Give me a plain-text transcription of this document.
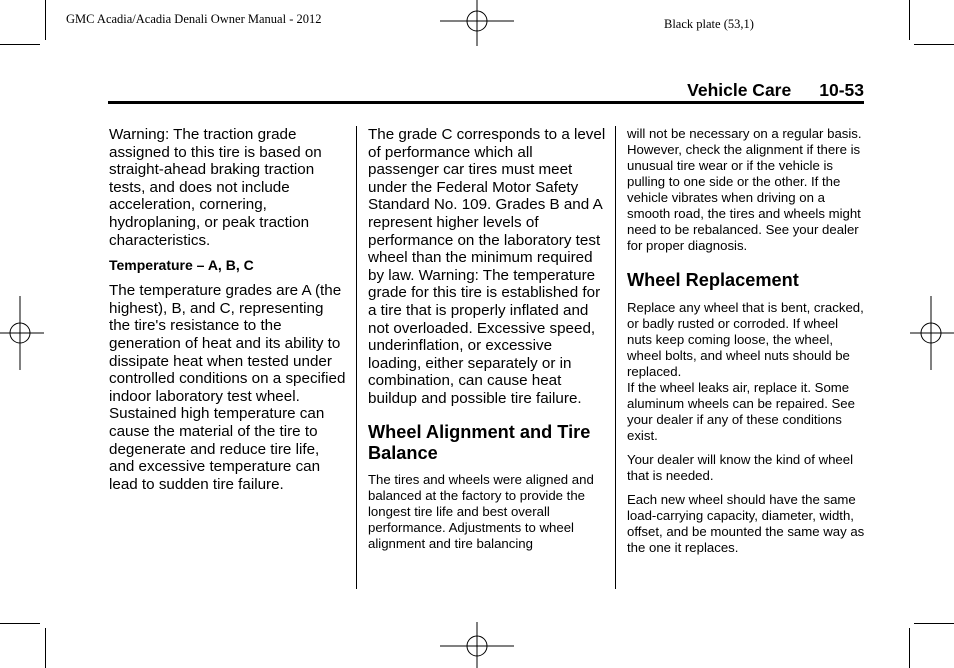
GMC Acadia/Acadia Denali Owner Manual - 2012	Black plate (53,1)
Vehicle Care 10-53

Warning: The traction grade assigned to this tire is based on straight-ahead braking traction tests, and does not include acceleration, cornering, hydroplaning, or peak traction characteristics.

Temperature – A, B, C

The temperature grades are A (the highest), B, and C, representing the tire's resistance to the generation of heat and its ability to dissipate heat when tested under controlled conditions on a specified indoor laboratory test wheel. Sustained high temperature can cause the material of the tire to degenerate and reduce tire life, and excessive temperature can lead to sudden tire failure.

The grade C corresponds to a level of performance which all passenger car tires must meet under the Federal Motor Safety Standard No. 109. Grades B and A represent higher levels of performance on the laboratory test wheel than the minimum required by law. Warning: The temperature grade for this tire is established for a tire that is properly inflated and not overloaded. Excessive speed, underinflation, or excessive loading, either separately or in combination, can cause heat buildup and possible tire failure.

Wheel Alignment and Tire Balance

The tires and wheels were aligned and balanced at the factory to provide the longest tire life and best overall performance. Adjustments to wheel alignment and tire balancing

will not be necessary on a regular basis. However, check the alignment if there is unusual tire wear or if the vehicle is pulling to one side or the other. If the vehicle vibrates when driving on a smooth road, the tires and wheels might need to be rebalanced. See your dealer for proper diagnosis.

Wheel Replacement

Replace any wheel that is bent, cracked, or badly rusted or corroded. If wheel nuts keep coming loose, the wheel, wheel bolts, and wheel nuts should be replaced.

If the wheel leaks air, replace it. Some aluminum wheels can be repaired. See your dealer if any of these conditions exist.

Your dealer will know the kind of wheel that is needed.

Each new wheel should have the same load-carrying capacity, diameter, width, offset, and be mounted the same way as the one it replaces.
